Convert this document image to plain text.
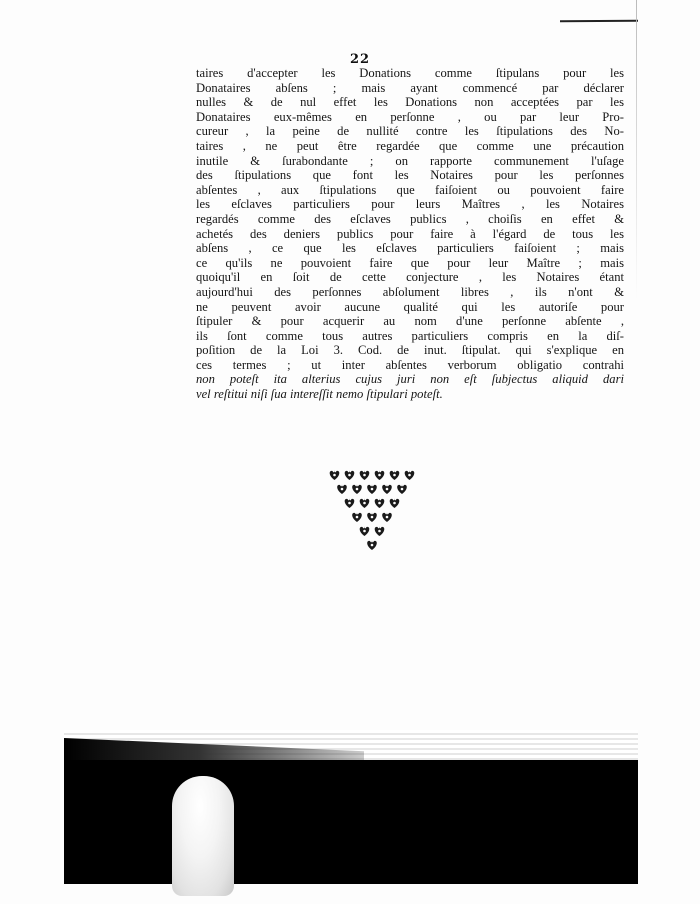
22
taires d'accepter les Donations comme ſtipulans pour les
Donataires abſens ; mais ayant commencé par déclarer
nulles & de nul effet les Donations non acceptées par les
Donataires eux-mêmes en perſonne , ou par leur Pro-
cureur , la peine de nullité contre les ſtipulations des No-
taires , ne peut être regardée que comme une précaution
inutile & ſurabondante ; on rapporte communement l'uſage
des ſtipulations que font les Notaires pour les perſonnes
abſentes , aux ſtipulations que faiſoient ou pouvoient faire
les eſclaves particuliers pour leurs Maîtres , les Notaires
regardés comme des eſclaves publics , choiſis en effet &
achetés des deniers publics pour faire à l'égard de tous les
abſens , ce que les eſclaves particuliers faiſoient ; mais
ce qu'ils ne pouvoient faire que pour leur Maître ; mais
quoiqu'il en ſoit de cette conjecture , les Notaires étant
aujourd'hui des perſonnes abſolument libres , ils n'ont &
ne peuvent avoir aucune qualité qui les autoriſe pour
ſtipuler & pour acquerir au nom d'une perſonne abſente ,
ils ſont comme tous autres particuliers compris en la diſ-
poſition de la Loi 3. Cod. de inut. ſtipulat. qui s'explique en
ces termes ; ut inter abſentes verborum obligatio contrahi
non poteſt ita alterius cujus juri non eſt ſubjectus aliquid dari
vel reſtitui niſi ſua intereſſit nemo ſtipulari poteſt.
